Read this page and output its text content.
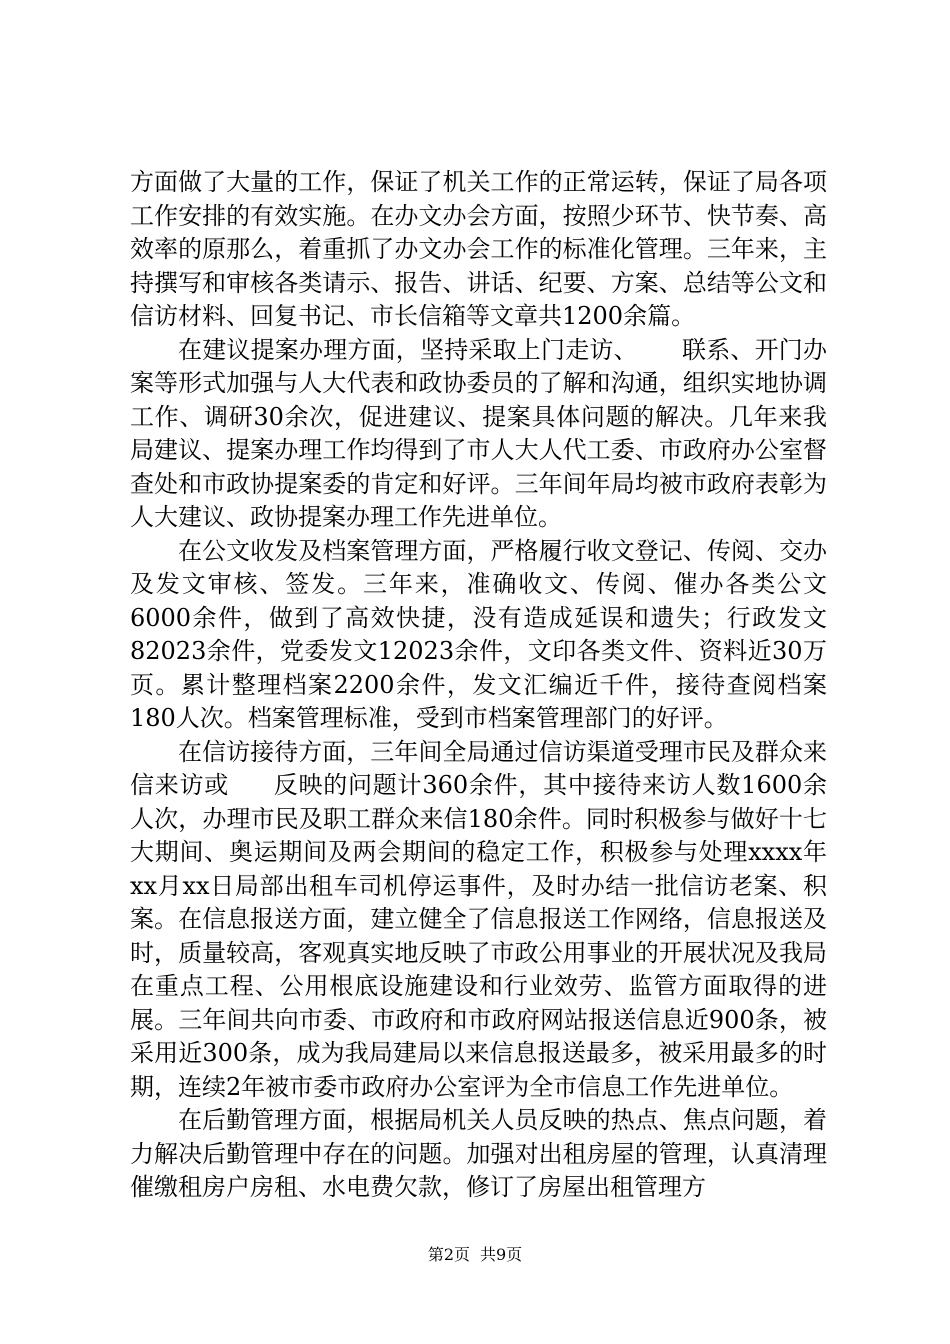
方面做了大量的工作，保证了机关工作的正常运转，保证了局各项工作安排的有效实施。在办文办会方面，按照少环节、快节奏、高效率的原那么，着重抓了办文办会工作的标准化管理。三年来，主持撰写和审核各类请示、报告、讲话、纪要、方案、总结等公文和信访材料、回复书记、市长信箱等文章共1200余篇。

在建议提案办理方面，坚持采取上门走访、 联系、开门办案等形式加强与人大代表和政协委员的了解和沟通，组织实地协调工作、调研30余次，促进建议、提案具体问题的解决。几年来我局建议、提案办理工作均得到了市人大人代工委、市政府办公室督查处和市政协提案委的肯定和好评。三年间年局均被市政府表彰为人大建议、政协提案办理工作先进单位。

在公文收发及档案管理方面，严格履行收文登记、传阅、交办及发文审核、签发。三年来，准确收文、传阅、催办各类公文6000余件，做到了高效快捷，没有造成延误和遗失；行政发文82023余件，党委发文12023余件，文印各类文件、资料近30万页。累计整理档案2200余件，发文汇编近千件，接待查阅档案180人次。档案管理标准，受到市档案管理部门的好评。

在信访接待方面，三年间全局通过信访渠道受理市民及群众来信来访或 反映的问题计360余件，其中接待来访人数1600余人次，办理市民及职工群众来信180余件。同时积极参与做好十七大期间、奥运期间及两会期间的稳定工作，积极参与处理xxxx年xx月xx日局部出租车司机停运事件，及时办结一批信访老案、积案。在信息报送方面，建立健全了信息报送工作网络，信息报送及时，质量较高，客观真实地反映了市政公用事业的开展状况及我局在重点工程、公用根底设施建设和行业效劳、监管方面取得的进展。三年间共向市委、市政府和市政府网站报送信息近900条，被采用近300条，成为我局建局以来信息报送最多，被采用最多的时期，连续2年被市委市政府办公室评为全市信息工作先进单位。

在后勤管理方面，根据局机关人员反映的热点、焦点问题，着力解决后勤管理中存在的问题。加强对出租房屋的管理，认真清理催缴租房户房租、水电费欠款，修订了房屋出租管理方

第2页 共9页
